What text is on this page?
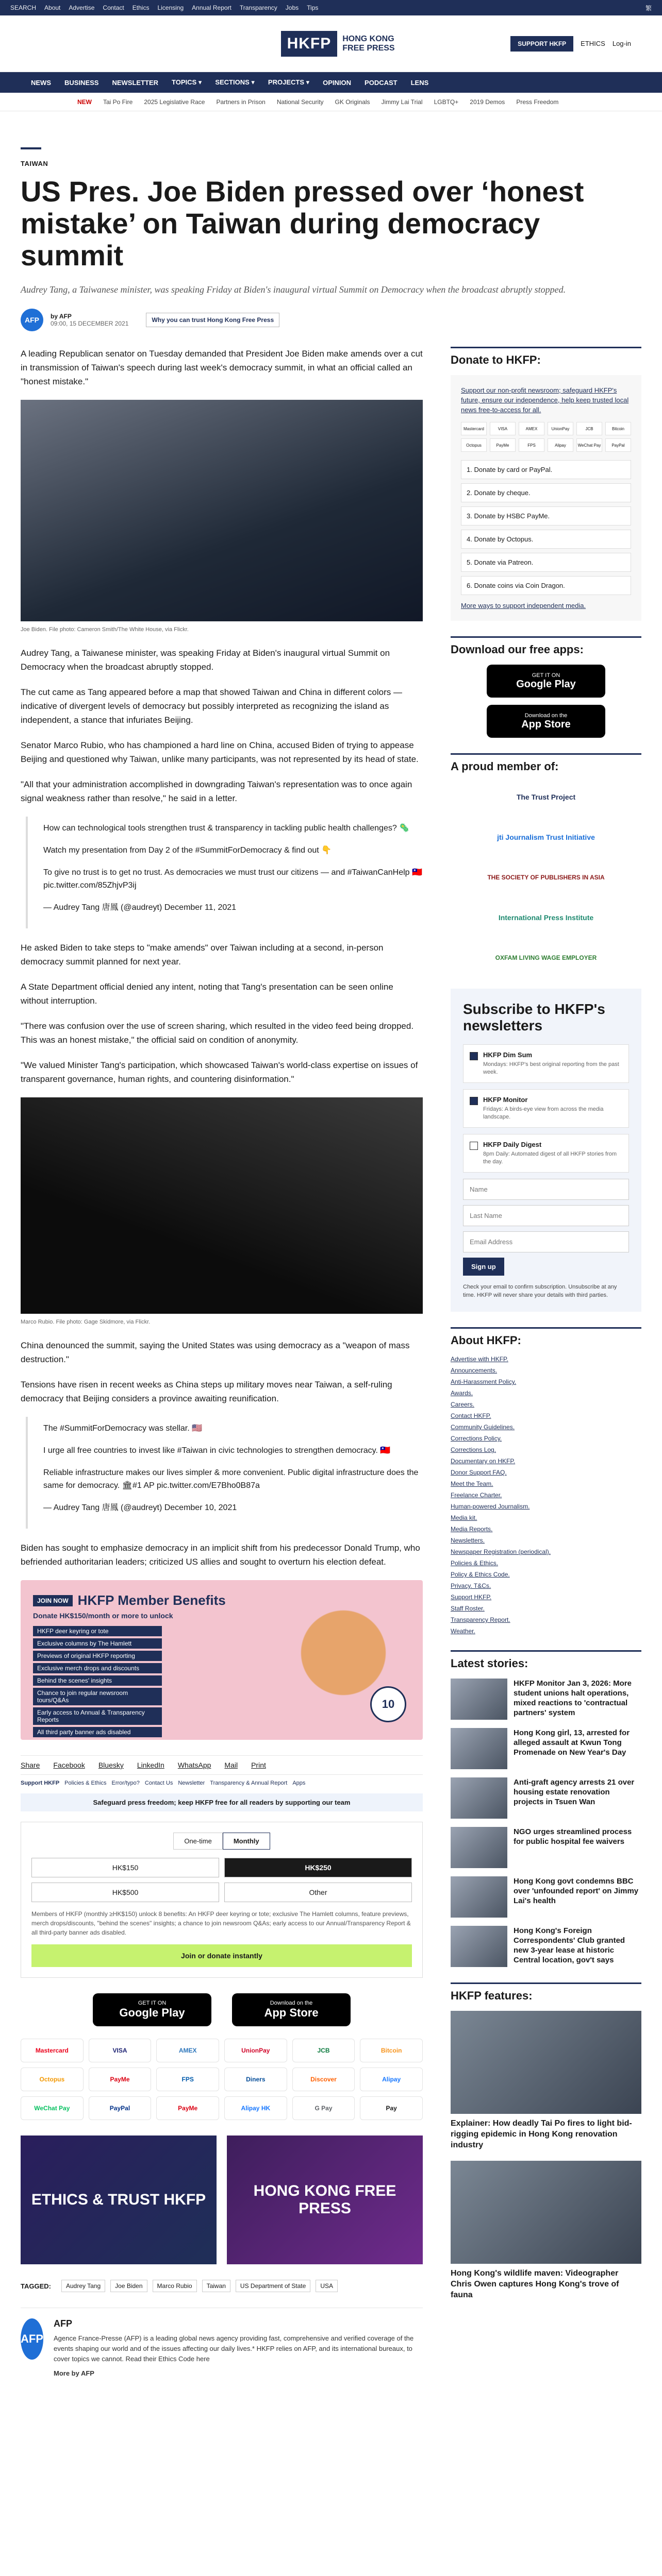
SEARCH About Advertise Contact Ethics Licensing Annual Report Transparency Jobs Tips	繁
HKFP	HONG KONG
FREE PRESS	SUPPORT HKFP	ETHICS Log-in
NEWS BUSINESS NEWSLETTER TOPICS ▾ SECTIONS ▾ PROJECTS ▾ OPINION PODCAST LENS
NEW Tai Po Fire 2025 Legislative Race Partners in Prison National Security GK Originals Jimmy Lai Trial LGBTQ+ 2019 Demos Press Freedom
TAIWAN
US Pres. Joe Biden pressed over ‘honest mistake’ on Taiwan during democracy summit
Audrey Tang, a Taiwanese minister, was speaking Friday at Biden's inaugural virtual Summit on Democracy when the broadcast abruptly stopped.
AFP	by AFP
09:00, 15 DECEMBER 2021	Why you can trust Hong Kong Free Press

A leading Republican senator on Tuesday demanded that President Joe Biden make amends over a cut in transmission of Taiwan's speech during last week's democracy summit, in what an official called an "honest mistake."

Joe Biden. File photo: Cameron Smith/The White House, via Flickr.

Audrey Tang, a Taiwanese minister, was speaking Friday at Biden's inaugural virtual Summit on Democracy when the broadcast abruptly stopped.

The cut came as Tang appeared before a map that showed Taiwan and China in different colors — indicative of divergent levels of democracy but possibly interpreted as recognizing the island as independent, a stance that infuriates Beijing.

Senator Marco Rubio, who has championed a hard line on China, accused Biden of trying to appease Beijing and questioned why Taiwan, unlike many participants, was not represented by its head of state.

"All that your administration accomplished in downgrading Taiwan's representation was to once again signal weakness rather than resolve," he said in a letter.

How can technological tools strengthen trust & transparency in tackling public health challenges? 🦠

Watch my presentation from Day 2 of the #SummitForDemocracy & find out 👇

To give no trust is to get no trust. As democracies we must trust our citizens — and #TaiwanCanHelp 🇹🇼 pic.twitter.com/85ZhjvP3ij

— Audrey Tang 唐鳳 (@audreyt) December 11, 2021

He asked Biden to take steps to "make amends" over Taiwan including at a second, in-person democracy summit planned for next year.

A State Department official denied any intent, noting that Tang's presentation can be seen online without interruption.

"There was confusion over the use of screen sharing, which resulted in the video feed being dropped. This was an honest mistake," the official said on condition of anonymity.

"We valued Minister Tang's participation, which showcased Taiwan's world-class expertise on issues of transparent governance, human rights, and countering disinformation."

Marco Rubio. File photo: Gage Skidmore, via Flickr.

China denounced the summit, saying the United States was using democracy as a "weapon of mass destruction."

Tensions have risen in recent weeks as China steps up military moves near Taiwan, a self-ruling democracy that Beijing considers a province awaiting reunification.

The #SummitForDemocracy was stellar. 🇺🇸

I urge all free countries to invest like #Taiwan in civic technologies to strengthen democracy. 🇹🇼

Reliable infrastructure makes our lives simpler & more convenient. Public digital infrastructure does the same for democracy. 🏛#1 AP pic.twitter.com/E7Bho0B87a

— Audrey Tang 唐鳳 (@audreyt) December 10, 2021

Biden has sought to emphasize democracy in an implicit shift from his predecessor Donald Trump, who befriended authoritarian leaders; criticized US allies and sought to overturn his election defeat.

JOIN NOW HKFP Member Benefits
Donate HK$150/month or more to unlock
HKFP deer keyring or tote
Exclusive columns by The Hamlett
Previews of original HKFP reporting
Exclusive merch drops and discounts
Behind the scenes' insights
Chance to join regular newsroom tours/Q&As
Early access to Annual & Transparency Reports
All third party banner ads disabled
10
Share Facebook Bluesky LinkedIn WhatsApp Mail Print
Support HKFP Policies & Ethics Error/typo? Contact Us Newsletter Transparency & Annual Report Apps
Safeguard press freedom; keep HKFP free for all readers by supporting our team
One-time	Monthly
HK$150	HK$250
HK$500	Other
Members of HKFP (monthly ≥HK$150) unlock 8 benefits: An HKFP deer keyring or tote; exclusive The Hamlett columns, feature previews, merch drops/discounts, "behind the scenes" insights; a chance to join newsroom Q&As; early access to our Annual/Transparency Report & all third-party banner ads disabled.
Join or donate instantly
GET IT ON
Google Play
Download on the
App Store
Mastercard	VISA	AMEX	UnionPay	JCB	Bitcoin
Octopus	PayMe	FPS	Diners	Discover	Alipay
WeChat Pay	PayPal	PayMe	Alipay HK	G Pay	Pay
ETHICS & TRUST HKFP
HONG KONG FREE PRESS
TAGGED:	Audrey Tang	Joe Biden	Marco Rubio	Taiwan	US Department of State	USA
AFP
AFP

Agence France-Presse (AFP) is a leading global news agency providing fast, comprehensive and verified coverage of the events shaping our world and of the issues affecting our daily lives.* HKFP relies on AFP, and its international bureaux, to cover topics we cannot. Read their Ethics Code here

More by AFP

Donate to HKFP:

Support our non-profit newsroom; safeguard HKFP's future, ensure our independence, help keep trusted local news free-to-access for all.

Mastercard	VISA	AMEX	UnionPay	JCB	Bitcoin
Octopus	PayMe	FPS	Alipay	WeChat Pay	PayPal
1. Donate by card or PayPal.
2. Donate by cheque.
3. Donate by HSBC PayMe.
4. Donate by Octopus.
5. Donate via Patreon.
6. Donate coins via Coin Dragon.
More ways to support independent media.
Download our free apps:
GET IT ON
Google Play
Download on the
App Store
A proud member of:
The Trust Project
jti Journalism Trust Initiative
THE SOCIETY OF PUBLISHERS IN ASIA
International Press Institute
OXFAM LIVING WAGE EMPLOYER
Subscribe to HKFP's newsletters
HKFP Dim Sum
Mondays: HKFP's best original reporting from the past week.
HKFP Monitor
Fridays: A birds-eye view from across the media landscape.
HKFP Daily Digest
8pm Daily: Automated digest of all HKFP stories from the day.
Name
Last Name
Email Address
Sign up
Check your email to confirm subscription. Unsubscribe at any time. HKFP will never share your details with third parties.
About HKFP:
Advertise with HKFP.
Announcements.
Anti-Harassment Policy.
Awards.
Careers.
Contact HKFP.
Community Guidelines.
Corrections Policy.
Corrections Log.
Documentary on HKFP.
Donor Support FAQ.
Meet the Team.
Freelance Charter.
Human-powered Journalism.
Media kit.
Media Reports.
Newsletters.
Newspaper Registration (periodical).
Policies & Ethics.
Policy & Ethics Code.
Privacy. T&Cs.
Support HKFP.
Staff Roster.
Transparency Report.
Weather.
Latest stories:
HKFP Monitor Jan 3, 2026: More student unions halt operations, mixed reactions to 'contractual partners' system
Hong Kong girl, 13, arrested for alleged assault at Kwun Tong Promenade on New Year's Day
Anti-graft agency arrests 21 over housing estate renovation projects in Tsuen Wan
NGO urges streamlined process for public hospital fee waivers
Hong Kong govt condemns BBC over 'unfounded report' on Jimmy Lai's health
Hong Kong's Foreign Correspondents' Club granted new 3-year lease at historic Central location, gov't says
HKFP features:
Explainer: How deadly Tai Po fires to light bid-rigging epidemic in Hong Kong renovation industry
Hong Kong's wildlife maven: Videographer Chris Owen captures Hong Kong's trove of fauna
